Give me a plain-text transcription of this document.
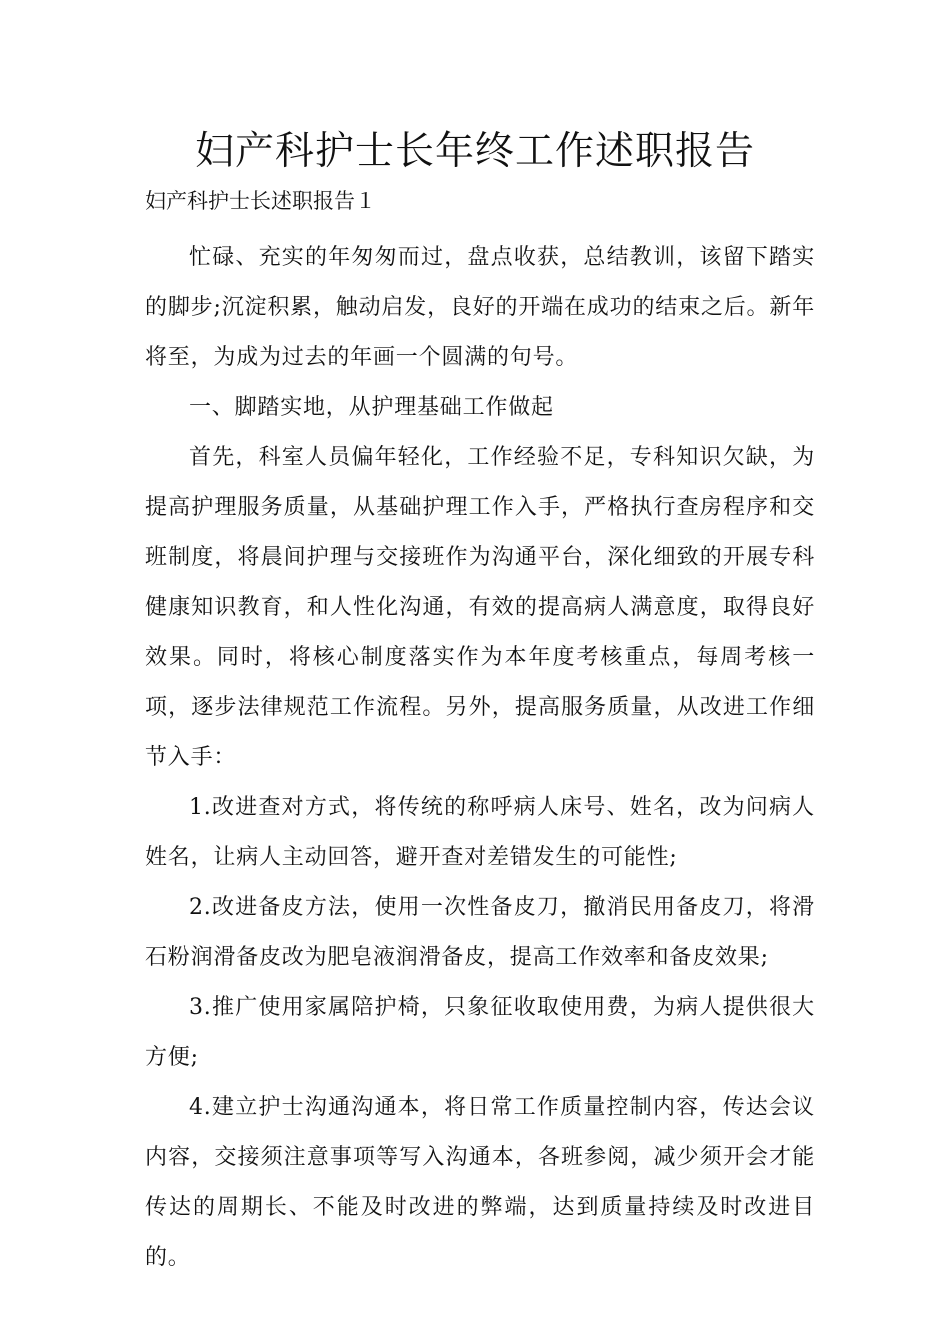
妇产科护士长年终工作述职报告
妇产科护士长述职报告１

忙碌、充实的年匆匆而过，盘点收获，总结教训，该留下踏实的脚步;沉淀积累，触动启发，良好的开端在成功的结束之后。新年将至，为成为过去的年画一个圆满的句号。

一、脚踏实地，从护理基础工作做起

首先，科室人员偏年轻化，工作经验不足，专科知识欠缺，为提高护理服务质量，从基础护理工作入手，严格执行查房程序和交班制度，将晨间护理与交接班作为沟通平台，深化细致的开展专科健康知识教育，和人性化沟通，有效的提高病人满意度，取得良好效果。同时，将核心制度落实作为本年度考核重点，每周考核一项，逐步法律规范工作流程。另外，提高服务质量，从改进工作细节入手：

1.改进查对方式，将传统的称呼病人床号、姓名，改为问病人姓名，让病人主动回答，避开查对差错发生的可能性;

2.改进备皮方法，使用一次性备皮刀，撤消民用备皮刀，将滑石粉润滑备皮改为肥皂液润滑备皮，提高工作效率和备皮效果;

3.推广使用家属陪护椅，只象征收取使用费，为病人提供很大方便;

4.建立护士沟通沟通本，将日常工作质量控制内容，传达会议内容，交接须注意事项等写入沟通本，各班参阅，减少须开会才能传达的周期长、不能及时改进的弊端，达到质量持续及时改进目的。
